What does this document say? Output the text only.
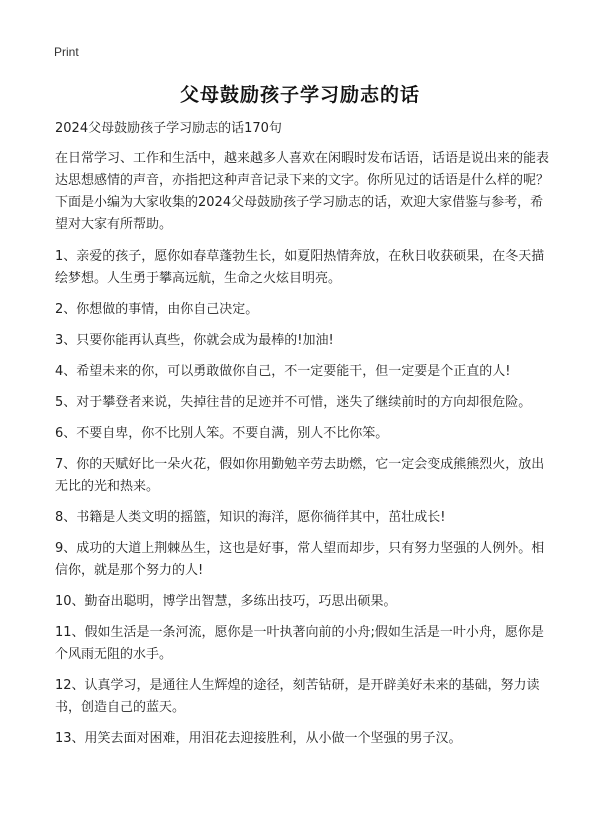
Print
父母鼓励孩子学习励志的话

2024父母鼓励孩子学习励志的话170句

在日常学习、工作和生活中，越来越多人喜欢在闲暇时发布话语，话语是说出来的能表达思想感情的声音，亦指把这种声音记录下来的文字。你所见过的话语是什么样的呢？下面是小编为大家收集的2024父母鼓励孩子学习励志的话，欢迎大家借鉴与参考，希望对大家有所帮助。

1、亲爱的孩子，愿你如春草蓬勃生长，如夏阳热情奔放，在秋日收获硕果，在冬天描绘梦想。人生勇于攀高远航，生命之火炫目明亮。

2、你想做的事情，由你自己决定。

3、只要你能再认真些，你就会成为最棒的!加油!

4、希望未来的你，可以勇敢做你自己，不一定要能干，但一定要是个正直的人!

5、对于攀登者来说，失掉往昔的足迹并不可惜，迷失了继续前时的方向却很危险。

6、不要自卑，你不比别人笨。不要自满，别人不比你笨。

7、你的天赋好比一朵火花，假如你用勤勉辛劳去助燃，它一定会变成熊熊烈火，放出无比的光和热来。

8、书籍是人类文明的摇篮，知识的海洋，愿你徜徉其中，茁壮成长!

9、成功的大道上荆棘丛生，这也是好事，常人望而却步，只有努力坚强的人例外。相信你，就是那个努力的人!

10、勤奋出聪明，博学出智慧，多练出技巧，巧思出硕果。

11、假如生活是一条河流，愿你是一叶执著向前的小舟;假如生活是一叶小舟，愿你是个风雨无阻的水手。

12、认真学习，是通往人生辉煌的途径，刻苦钻研，是开辟美好未来的基础，努力读书，创造自己的蓝天。

13、用笑去面对困难，用泪花去迎接胜利，从小做一个坚强的男子汉。
